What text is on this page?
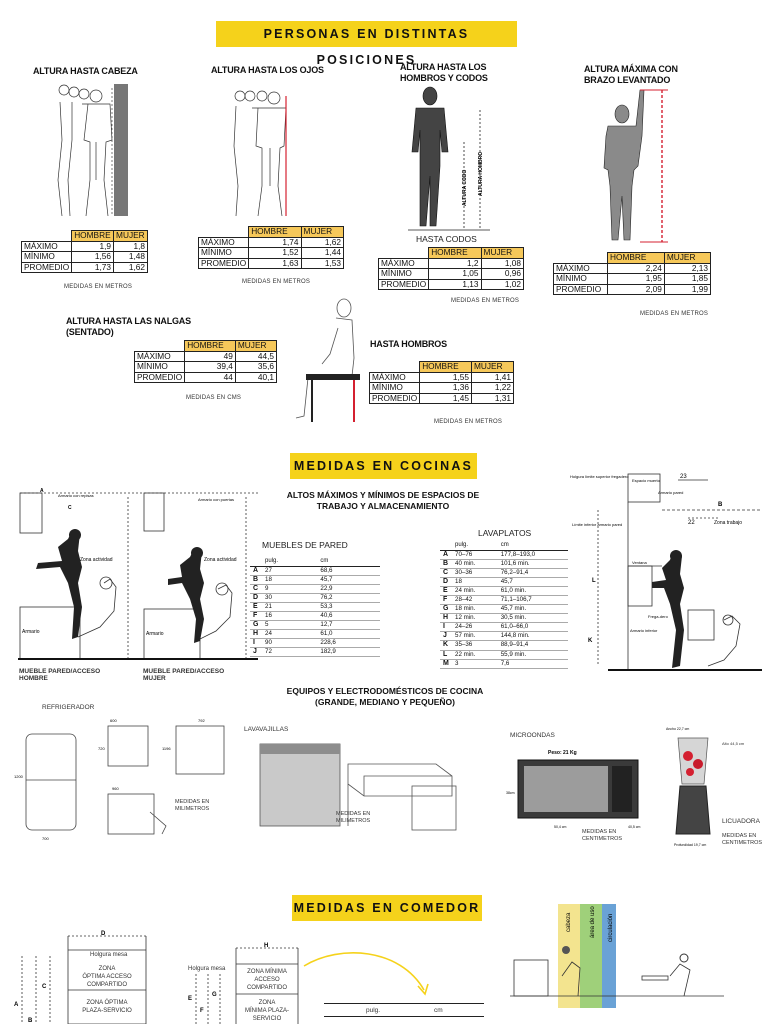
PERSONAS EN DISTINTAS POSICIONES
ALTURA HASTA CABEZA	ALTURA HASTA LOS OJOS	ALTURA HASTA LOS
HOMBROS Y CODOS
ALTURA MÁXIMA CON
BRAZO LEVANTADO
ALTURA CODO ALTURA HOMBRO
	HOMBRE	MUJER
MÁXIMO	1,9	1,8
MÍNIMO	1,56	1,48
PROMEDIO	1,73	1,62
MEDIDAS EN METROS
	HOMBRE	MUJER
MÁXIMO	1,74	1,62
MÍNIMO	1,52	1,44
PROMEDIO	1,63	1,53
MEDIDAS EN METROS
HASTA CODOS
	HOMBRE	MUJER
MÁXIMO	1,2	1,08
MÍNIMO	1,05	0,96
PROMEDIO	1,13	1,02
MEDIDAS EN METROS
	HOMBRE	MUJER
MÁXIMO	2,24	2,13
MÍNIMO	1,95	1,85
PROMEDIO	2,09	1,99
MEDIDAS EN METROS
ALTURA HASTA LAS NALGAS
(SENTADO)
	HOMBRE	MUJER
MÁXIMO	49	44,5
MÍNIMO	39,4	35,6
PROMEDIO	44	40,1
MEDIDAS EN CMS
HASTA HOMBROS
	HOMBRE	MUJER
MÁXIMO	1,55	1,41
MÍNIMO	1,36	1,22
PROMEDIO	1,45	1,31
MEDIDAS EN METROS
MEDIDAS EN COCINAS
Armario
Zona actividad
A
C
Armario con repisas
MUEBLE PARED/ACCESO
HOMBRE
Armario
Zona actividad
Armario con puertas
MUEBLE PARED/ACCESO
MUJER
ALTOS MÁXIMOS Y MÍNIMOS DE ESPACIOS DE
TRABAJO Y ALMACENAMIENTO
MUEBLES DE PARED
	pulg.	cm
A	27	68,6
B	18	45,7
C	9	22,9
D	30	76,2
E	21	53,3
F	16	40,6
G	5	12,7
H	24	61,0
I	90	228,6
J	72	182,9
LAVAPLATOS
	pulg.	cm
A	70–76	177,8–193,0
B	40 min.	101,6 min.
C	30–36	76,2–91,4
D	18	45,7
E	24 min.	61,0 min.
F	28–42	71,1–106,7
G	18 min.	45,7 min.
H	12 min.	30,5 min.
I	24–26	61,0–66,0
J	57 min.	144,8 min.
K	35–36	88,9–91,4
L	22 min.	55,9 min.
M	3	7,6
Holgura límite superior fregadero
Espacio muerto
Armario pared
23
22
B
Zona trabajo
Límite inferior armario pared
Ventana
Frega-dero
Armario inferior
L
K
EQUIPOS Y ELECTRODOMÉSTICOS DE COCINA
(GRANDE, MEDIANO Y PEQUEÑO)
REFRIGERADOR
600	792
960
1200
700
720	1196
MEDIDAS EN
MILIMETROS
LAVAVAJILLAS
MEDIDAS EN
MILIMETROS
MICROONDAS
Peso: 21 Kg
38cm
50,4 cm	40,5 cm
MEDIDAS EN
CENTIMETROS
Ancho 22,7 cm
Profundidad 19,7 cm
Alto 44,5 cm
LICUADORA
MEDIDAS EN
CENTIMETROS
MEDIDAS EN COMEDOR
D
A
B
C
Holgura mesa
ZONA
ÓPTIMA ACCESO
COMPARTIDO
ZONA ÓPTIMA
PLAZA-SERVICIO
H
E
F
G
Holgura mesa	ZONA MÍNIMA
ACCESO
COMPARTIDO
ZONA
MÍNIMA PLAZA-
SERVICIO
pulg.	cm
cabeza	área de uso circulación
